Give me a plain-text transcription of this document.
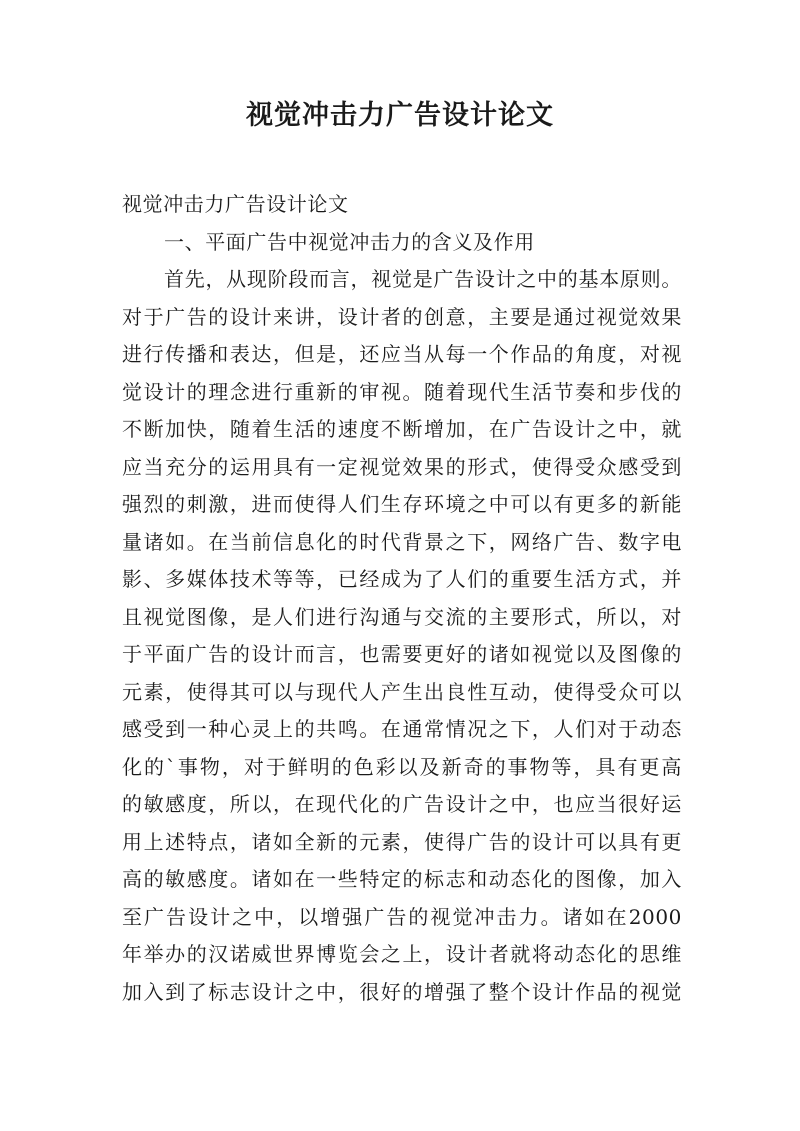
视觉冲击力广告设计论文
视觉冲击力广告设计论文
一、平面广告中视觉冲击力的含义及作用
首先，从现阶段而言，视觉是广告设计之中的基本原则。
对于广告的设计来讲，设计者的创意，主要是通过视觉效果
进行传播和表达，但是，还应当从每一个作品的角度，对视
觉设计的理念进行重新的审视。随着现代生活节奏和步伐的
不断加快，随着生活的速度不断增加，在广告设计之中，就
应当充分的运用具有一定视觉效果的形式，使得受众感受到
强烈的刺激，进而使得人们生存环境之中可以有更多的新能
量诸如。在当前信息化的时代背景之下，网络广告、数字电
影、多媒体技术等等，已经成为了人们的重要生活方式，并
且视觉图像，是人们进行沟通与交流的主要形式，所以，对
于平面广告的设计而言，也需要更好的诸如视觉以及图像的
元素，使得其可以与现代人产生出良性互动，使得受众可以
感受到一种心灵上的共鸣。在通常情况之下，人们对于动态
化的`事物，对于鲜明的色彩以及新奇的事物等，具有更高
的敏感度，所以，在现代化的广告设计之中，也应当很好运
用上述特点，诸如全新的元素，使得广告的设计可以具有更
高的敏感度。诸如在一些特定的标志和动态化的图像，加入
至广告设计之中，以增强广告的视觉冲击力。诸如在2000
年举办的汉诺威世界博览会之上，设计者就将动态化的思维
加入到了标志设计之中，很好的增强了整个设计作品的视觉
